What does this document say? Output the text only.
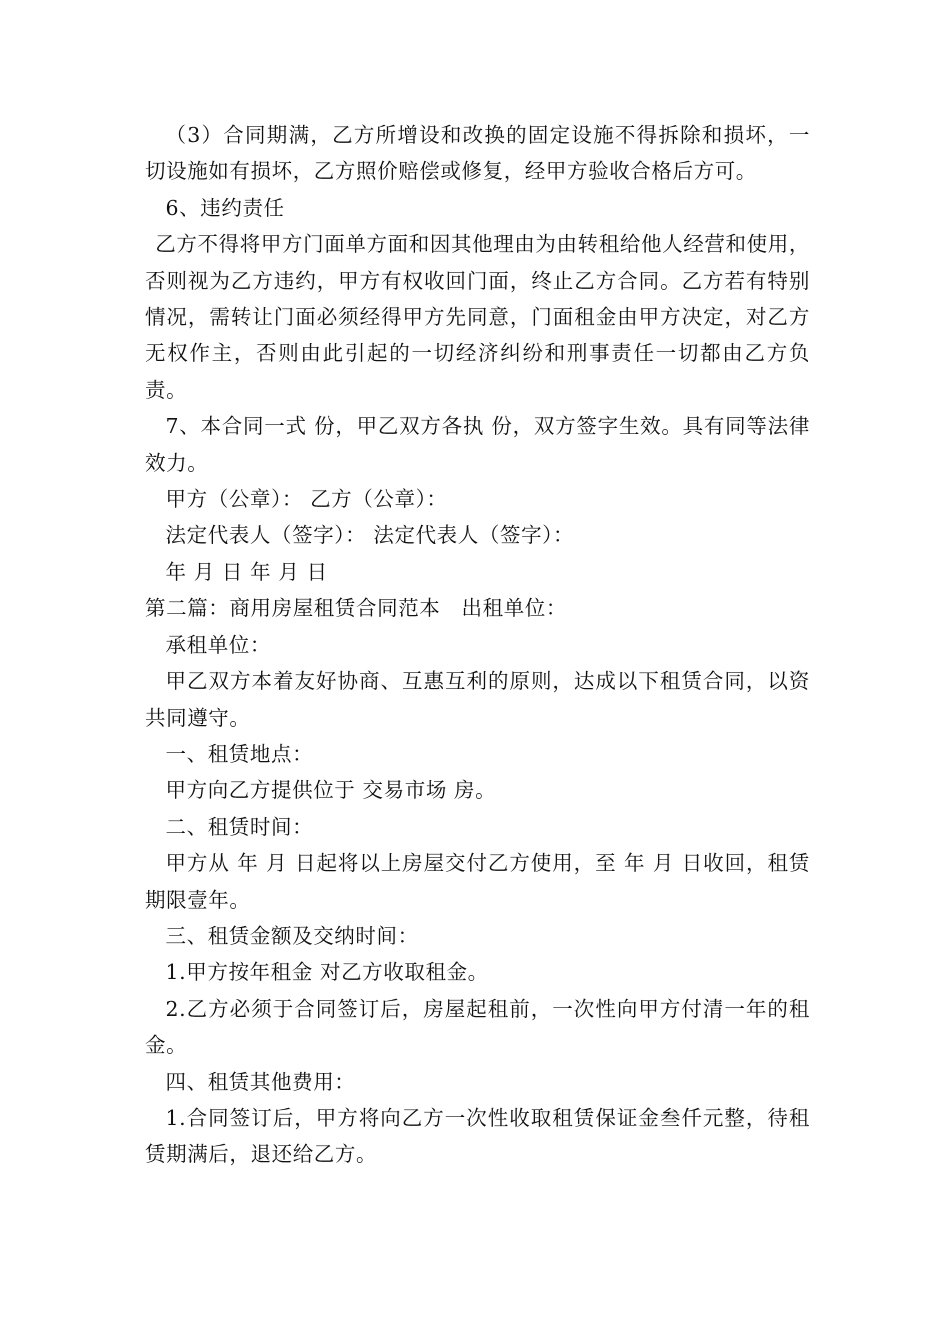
（3）合同期满，乙方所增设和改换的固定设施不得拆除和损坏，一切设施如有损坏，乙方照价赔偿或修复，经甲方验收合格后方可。

6、违约责任

乙方不得将甲方门面单方面和因其他理由为由转租给他人经营和使用，否则视为乙方违约，甲方有权收回门面，终止乙方合同。乙方若有特别情况，需转让门面必须经得甲方先同意，门面租金由甲方决定，对乙方无权作主，否则由此引起的一切经济纠纷和刑事责任一切都由乙方负责。

7、本合同一式 份，甲乙双方各执 份，双方签字生效。具有同等法律效力。

甲方（公章）： 乙方（公章）：

法定代表人（签字）： 法定代表人（签字）：

年 月 日 年 月 日

第二篇：商用房屋租赁合同范本　出租单位：

承租单位：

甲乙双方本着友好协商、互惠互利的原则，达成以下租赁合同，以资共同遵守。

一、租赁地点：

甲方向乙方提供位于 交易市场 房。

二、租赁时间：

甲方从 年 月 日起将以上房屋交付乙方使用，至 年 月 日收回，租赁期限壹年。

三、租赁金额及交纳时间：

1.甲方按年租金 对乙方收取租金。

2.乙方必须于合同签订后，房屋起租前，一次性向甲方付清一年的租金。

四、租赁其他费用：

1.合同签订后，甲方将向乙方一次性收取租赁保证金叁仟元整，待租赁期满后，退还给乙方。
